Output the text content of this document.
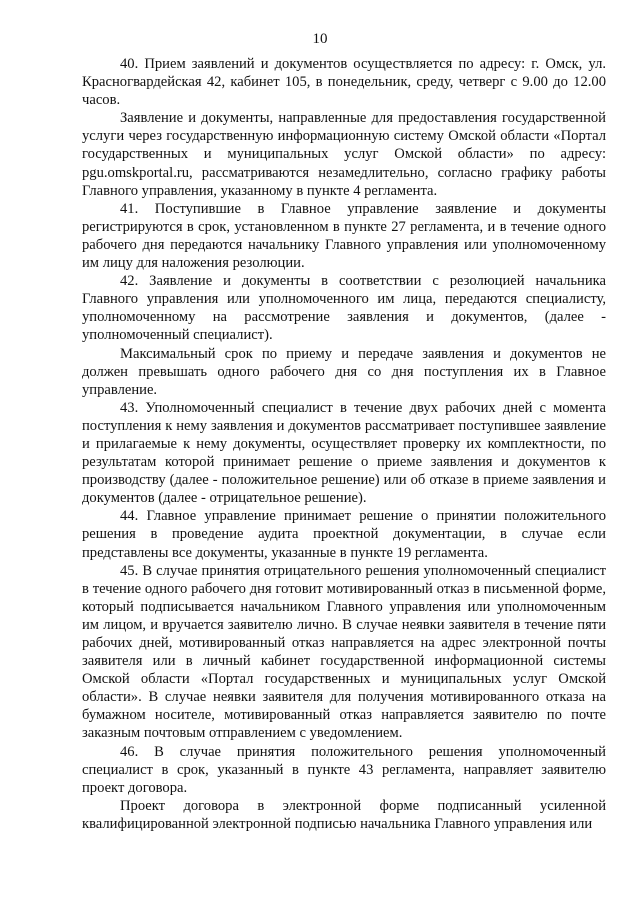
10

40. Прием заявлений и документов осуществляется по адресу: г. Омск, ул. Красногвардейская 42, кабинет 105, в понедельник, среду, четверг с 9.00 до 12.00 часов.

Заявление и документы, направленные для предоставления государственной услуги через государственную информационную систему Омской области «Портал государственных и муниципальных услуг Омской области» по адресу: pgu.omskportal.ru, рассматриваются незамедлительно, согласно графику работы Главного управления, указанному в пункте 4 регламента.

41. Поступившие в Главное управление заявление и документы регистрируются в срок, установленном в пункте 27 регламента, и в течение одного рабочего дня передаются начальнику Главного управления или уполномоченному им лицу для наложения резолюции.

42. Заявление и документы в соответствии с резолюцией начальника Главного управления или уполномоченного им лица, передаются специалисту, уполномоченному на рассмотрение заявления и документов, (далее - уполномоченный специалист).

Максимальный срок по приему и передаче заявления и документов не должен превышать одного рабочего дня со дня поступления их в Главное управление.

43. Уполномоченный специалист в течение двух рабочих дней с момента поступления к нему заявления и документов рассматривает поступившее заявление и прилагаемые к нему документы, осуществляет проверку их комплектности, по результатам которой принимает решение о приеме заявления и документов к производству (далее - положительное решение) или об отказе в приеме заявления и документов (далее - отрицательное решение).

44. Главное управление принимает решение о принятии положительного решения в проведение аудита проектной документации, в случае если представлены все документы, указанные в пункте 19 регламента.

45. В случае принятия отрицательного решения уполномоченный специалист в течение одного рабочего дня готовит мотивированный отказ в письменной форме, который подписывается начальником Главного управления или уполномоченным им лицом, и вручается заявителю лично. В случае неявки заявителя в течение пяти рабочих дней, мотивированный отказ направляется на адрес электронной почты заявителя или в личный кабинет государственной информационной системы Омской области «Портал государственных и муниципальных услуг Омской области». В случае неявки заявителя для получения мотивированного отказа на бумажном носителе, мотивированный отказ направляется заявителю по почте заказным почтовым отправлением с уведомлением.

46. В случае принятия положительного решения уполномоченный специалист в срок, указанный в пункте 43 регламента, направляет заявителю проект договора.

Проект договора в электронной форме подписанный усиленной квалифицированной электронной подписью начальника Главного управления или
